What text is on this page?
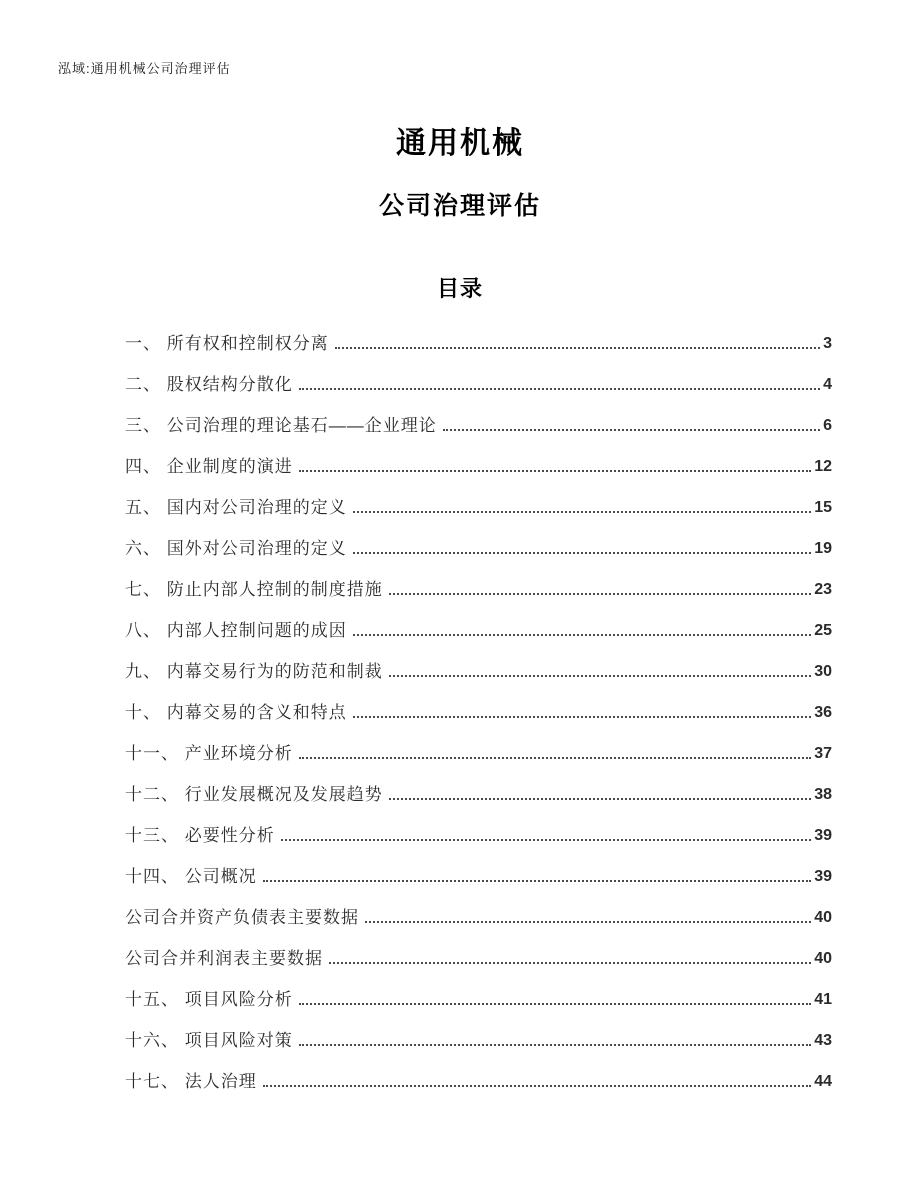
泓域:通用机械公司治理评估
通用机械
公司治理评估
目录
一、 所有权和控制权分离	3
二、 股权结构分散化	4
三、 公司治理的理论基石——企业理论	6
四、 企业制度的演进	12
五、 国内对公司治理的定义	15
六、 国外对公司治理的定义	19
七、 防止内部人控制的制度措施	23
八、 内部人控制问题的成因	25
九、 内幕交易行为的防范和制裁	30
十、 内幕交易的含义和特点	36
十一、 产业环境分析	37
十二、 行业发展概况及发展趋势	38
十三、 必要性分析	39
十四、 公司概况	39
公司合并资产负债表主要数据	40
公司合并利润表主要数据	40
十五、 项目风险分析	41
十六、 项目风险对策	43
十七、 法人治理	44
